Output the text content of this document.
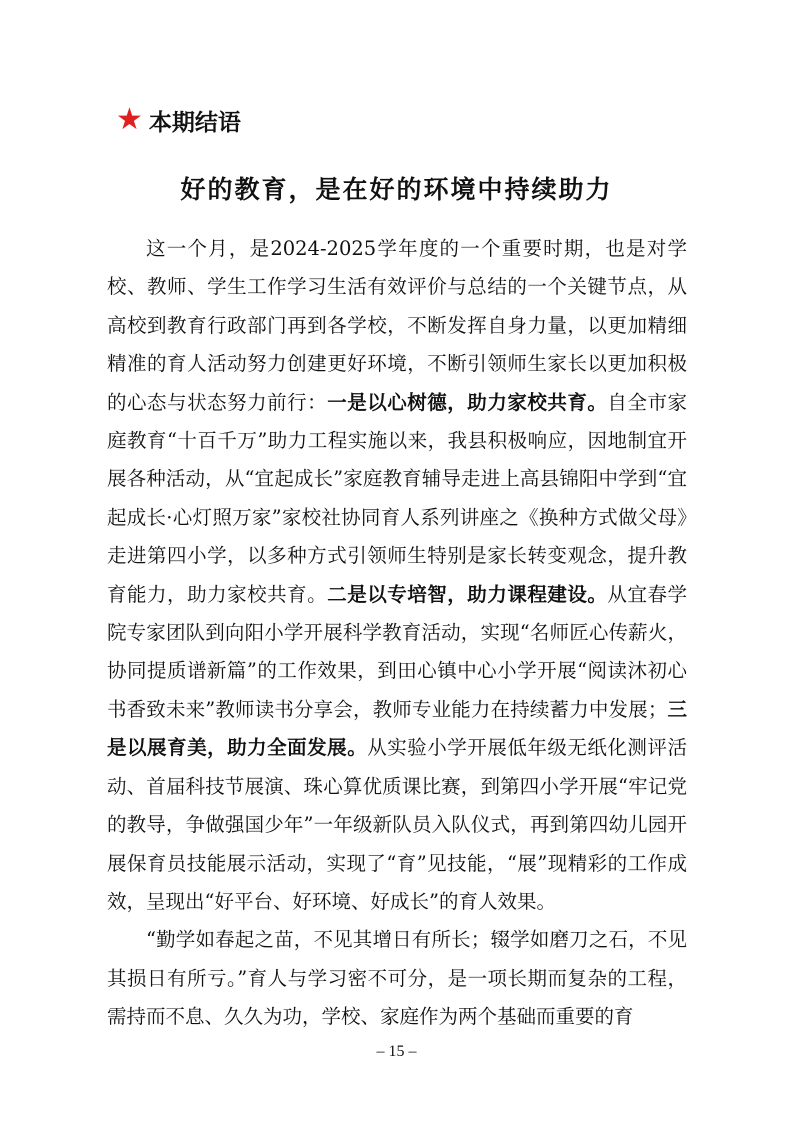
★ 本期结语
好的教育，是在好的环境中持续助力

这一个月，是2024-2025学年度的一个重要时期，也是对学校、教师、学生工作学习生活有效评价与总结的一个关键节点，从高校到教育行政部门再到各学校，不断发挥自身力量，以更加精细精准的育人活动努力创建更好环境，不断引领师生家长以更加积极的心态与状态努力前行：一是以心树德，助力家校共育。自全市家庭教育“十百千万”助力工程实施以来，我县积极响应，因地制宜开展各种活动，从“宜起成长”家庭教育辅导走进上高县锦阳中学到“宜起成长·心灯照万家”家校社协同育人系列讲座之《换种方式做父母》走进第四小学，以多种方式引领师生特别是家长转变观念，提升教育能力，助力家校共育。二是以专培智，助力课程建设。从宜春学院专家团队到向阳小学开展科学教育活动，实现“名师匠心传薪火，协同提质谱新篇”的工作效果，到田心镇中心小学开展“阅读沐初心 书香致未来”教师读书分享会，教师专业能力在持续蓄力中发展；三是以展育美，助力全面发展。从实验小学开展低年级无纸化测评活动、首届科技节展演、珠心算优质课比赛，到第四小学开展“牢记党的教导，争做强国少年”一年级新队员入队仪式，再到第四幼儿园开展保育员技能展示活动，实现了“育”见技能，“展”现精彩的工作成效，呈现出“好平台、好环境、好成长”的育人效果。

“勤学如春起之苗，不见其增日有所长；辍学如磨刀之石，不见其损日有所亏。”育人与学习密不可分，是一项长期而复杂的工程，需持而不息、久久为功，学校、家庭作为两个基础而重要的育

– 15 –
